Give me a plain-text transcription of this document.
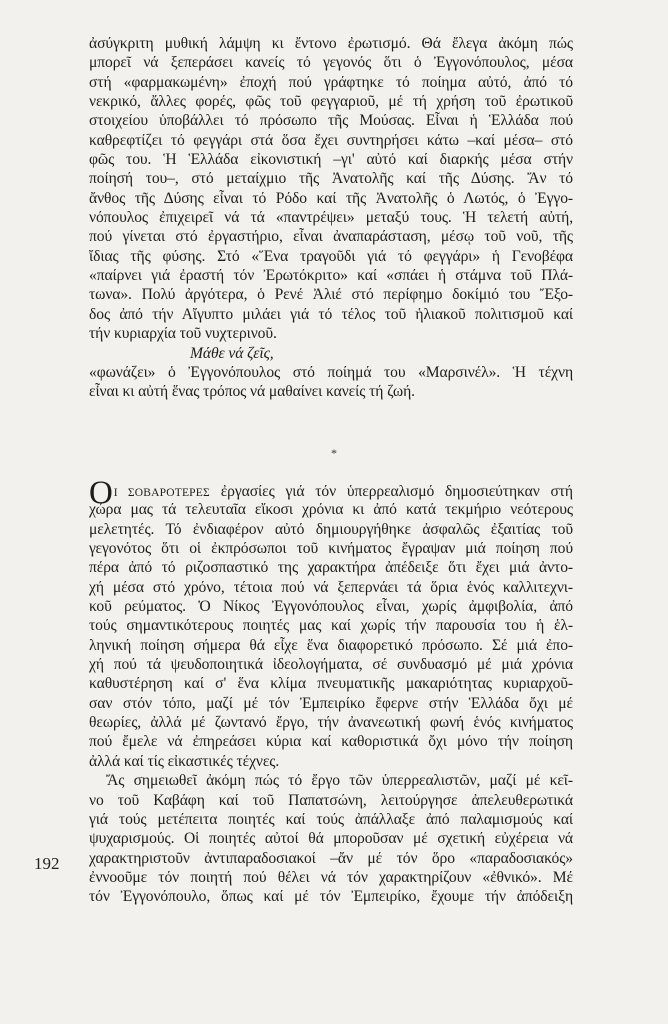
ἀσύγκριτη μυθική λάμψη κι ἔντονο ἐρωτισμό. Θά ἔλεγα ἀκόμη πώς
μπορεῖ νά ξεπεράσει κανείς τό γεγονός ὅτι ὁ Ἐγγονόπουλος, μέσα
στή «φαρμακωμένη» ἐποχή πού γράφτηκε τό ποίημα αὐτό, ἀπό τό
νεκρικό, ἄλλες φορές, φῶς τοῦ φεγγαριοῦ, μέ τή χρήση τοῦ ἐρωτικοῦ
στοιχείου ὑποβάλλει τό πρόσωπο τῆς Μούσας. Εἶναι ἡ Ἑλλάδα πού
καθρεφτίζει τό φεγγάρι στά ὅσα ἔχει συντηρήσει κάτω –καί μέσα– στό
φῶς του. Ἡ Ἑλλάδα εἰκονιστική –γι' αὐτό καί διαρκής μέσα στήν
ποίησή του–, στό μεταίχμιο τῆς Ἀνατολῆς καί τῆς Δύσης. Ἄν τό
ἄνθος τῆς Δύσης εἶναι τό Ρόδο καί τῆς Ἀνατολῆς ὁ Λωτός, ὁ Ἐγγο-
νόπουλος ἐπιχειρεῖ νά τά «παντρέψει» μεταξύ τους. Ἡ τελετή αὐτή,
πού γίνεται στό ἐργαστήριο, εἶναι ἀναπαράσταση, μέσῳ τοῦ νοῦ, τῆς
ἴδιας τῆς φύσης. Στό «Ἕνα τραγοῦδι γιά τό φεγγάρι» ἡ Γενοβέφα
«παίρνει γιά ἐραστή τόν Ἐρωτόκριτο» καί «σπάει ἡ στάμνα τοῦ Πλά-
τωνα». Πολύ ἀργότερα, ὁ Ρενέ Ἀλιέ στό περίφημο δοκίμιό του Ἔξο-
δος ἀπό τήν Αἴγυπτο μιλάει γιά τό τέλος τοῦ ἡλιακοῦ πολιτισμοῦ καί
τήν κυριαρχία τοῦ νυχτερινοῦ.
Μάθε νά ζεῖς,
«φωνάζει» ὁ Ἐγγονόπουλος στό ποίημά του «Μαρσινέλ». Ἡ τέχνη
εἶναι κι αὐτή ἕνας τρόπος νά μαθαίνει κανείς τή ζωή.
*
ΟΙ ΣΟΒΑΡΟΤΕΡΕΣ ἐργασίες γιά τόν ὑπερρεαλισμό δημοσιεύτηκαν στή
χώρα μας τά τελευταῖα εἴκοσι χρόνια κι ἀπό κατά τεκμήριο νεότερους
μελετητές. Τό ἐνδιαφέρον αὐτό δημιουργήθηκε ἀσφαλῶς ἐξαιτίας τοῦ
γεγονότος ὅτι οἱ ἐκπρόσωποι τοῦ κινήματος ἔγραψαν μιά ποίηση πού
πέρα ἀπό τό ριζοσπαστικό της χαρακτήρα ἀπέδειξε ὅτι ἔχει μιά ἀντο-
χή μέσα στό χρόνο, τέτοια πού νά ξεπερνάει τά ὅρια ἑνός καλλιτεχνι-
κοῦ ρεύματος. Ὁ Νίκος Ἐγγονόπουλος εἶναι, χωρίς ἀμφιβολία, ἀπό
τούς σημαντικότερους ποιητές μας καί χωρίς τήν παρουσία του ἡ ἑλ-
ληνική ποίηση σήμερα θά εἶχε ἕνα διαφορετικό πρόσωπο. Σέ μιά ἐπο-
χή πού τά ψευδοποιητικά ἰδεολογήματα, σέ συνδυασμό μέ μιά χρόνια
καθυστέρηση καί σ' ἕνα κλίμα πνευματικῆς μακαριότητας κυριαρχοῦ-
σαν στόν τόπο, μαζί μέ τόν Ἐμπειρίκο ἔφερνε στήν Ἑλλάδα ὄχι μέ
θεωρίες, ἀλλά μέ ζωντανό ἔργο, τήν ἀνανεωτική φωνή ἑνός κινήματος
πού ἔμελε νά ἐπηρεάσει κύρια καί καθοριστικά ὄχι μόνο τήν ποίηση
ἀλλά καί τίς εἰκαστικές τέχνες.
Ἄς σημειωθεῖ ἀκόμη πώς τό ἔργο τῶν ὑπερρεαλιστῶν, μαζί μέ κεῖ-
νο τοῦ Καβάφη καί τοῦ Παπατσώνη, λειτούργησε ἀπελευθερωτικά
γιά τούς μετέπειτα ποιητές καί τούς ἀπάλλαξε ἀπό παλαμισμούς καί
ψυχαρισμούς. Οἱ ποιητές αὐτοί θά μποροῦσαν μέ σχετική εὐχέρεια νά
χαρακτηριστοῦν ἀντιπαραδοσιακοί –ἄν μέ τόν ὅρο «παραδοσιακός»
ἐννοοῦμε τόν ποιητή πού θέλει νά τόν χαρακτηρίζουν «ἐθνικό». Μέ
τόν Ἐγγονόπουλο, ὅπως καί μέ τόν Ἐμπειρίκο, ἔχουμε τήν ἀπόδειξη
192
